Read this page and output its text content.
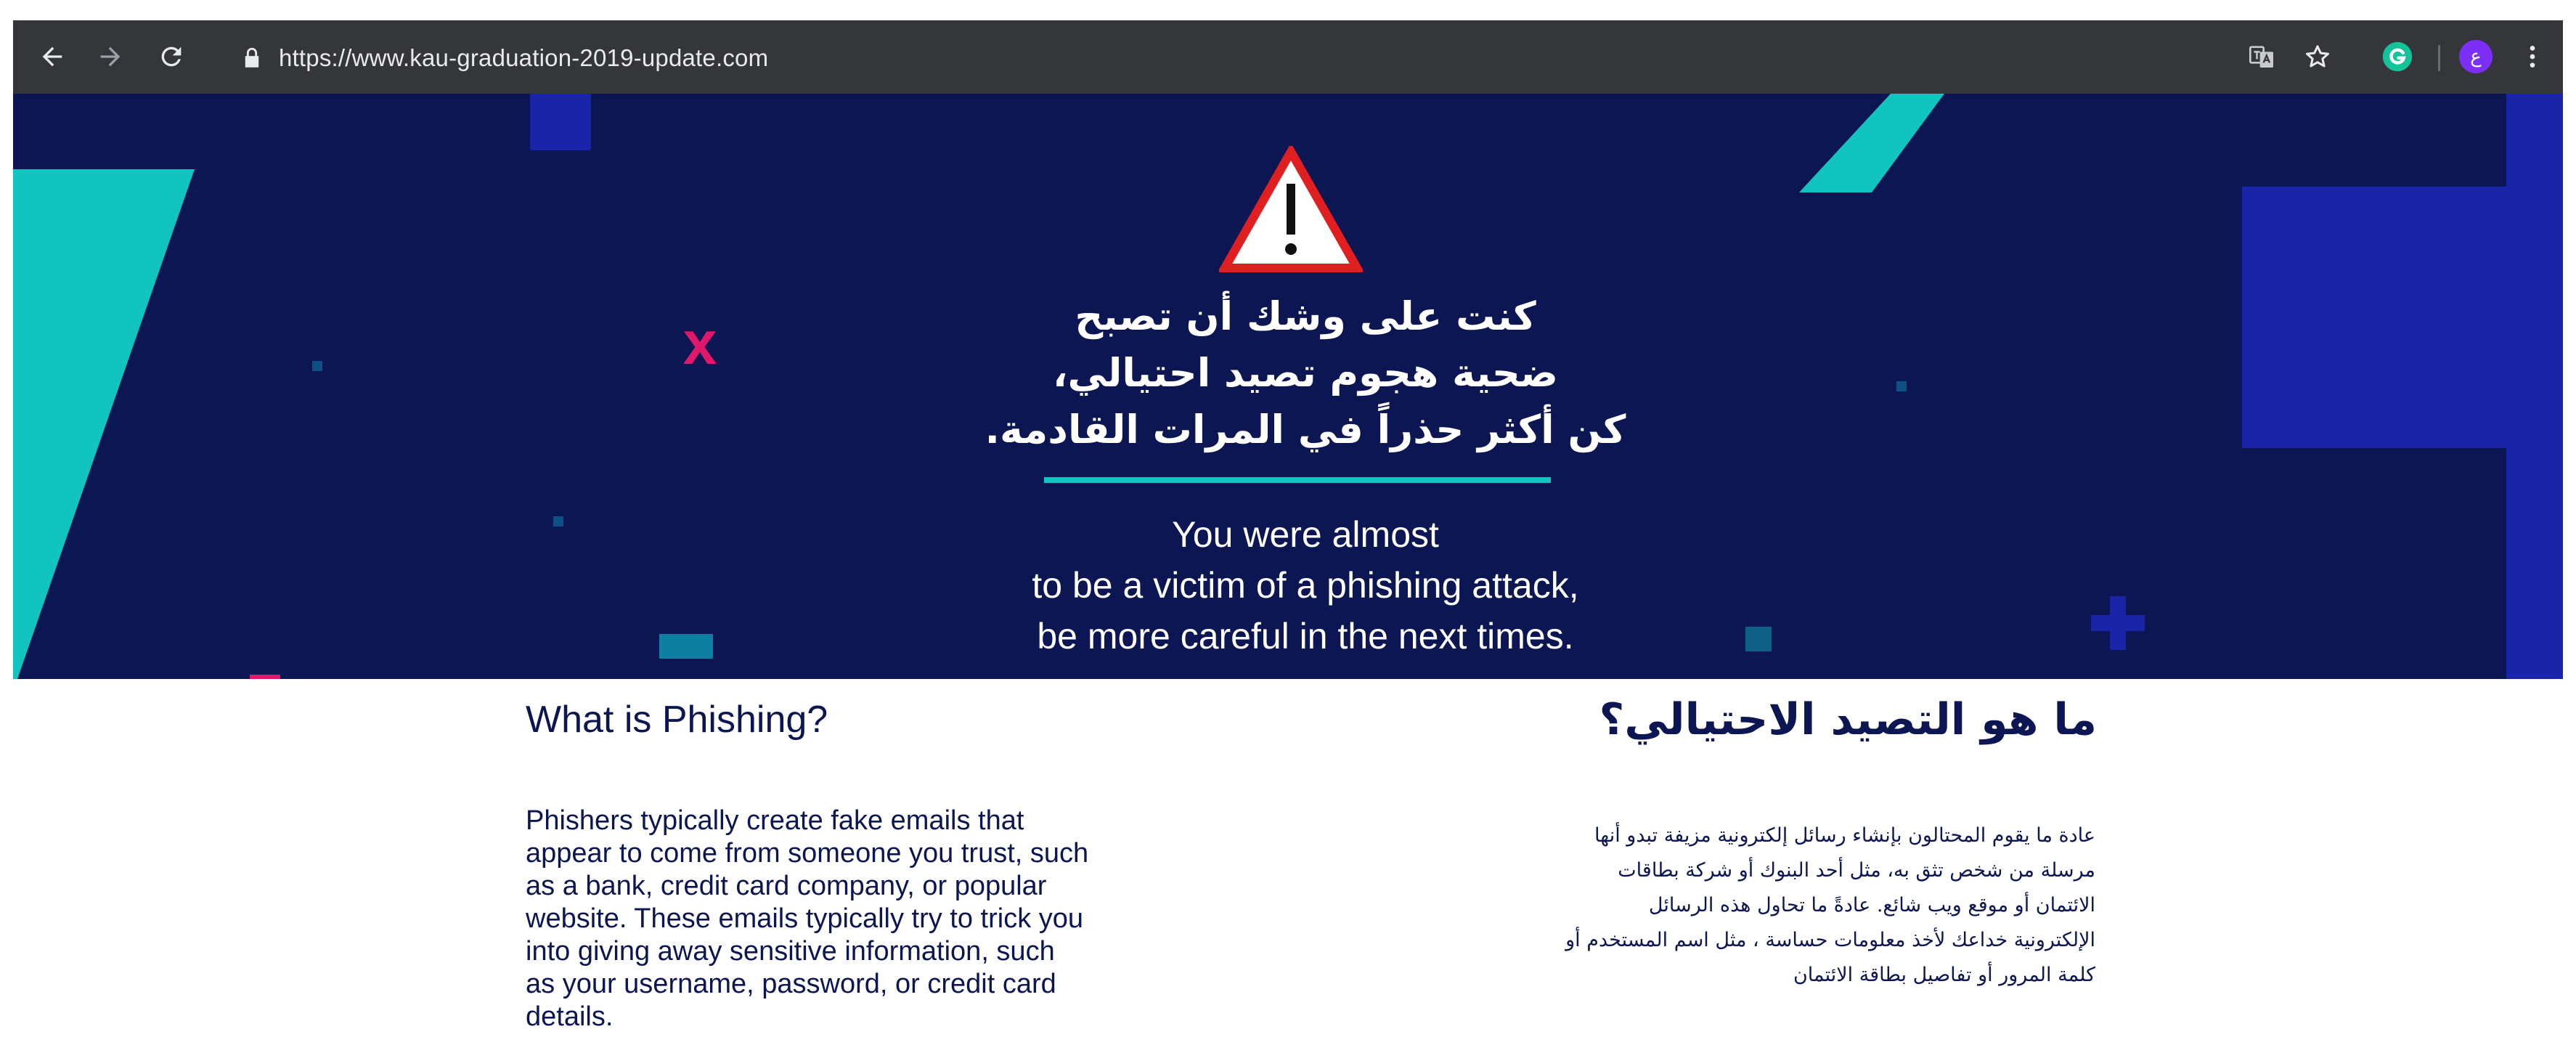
https://www.kau-graduation-2019-update.com	ع
x	كنت على وشك أن تصبح
ضحية هجوم تصيد احتيالي،
كن أكثر حذراً في المرات القادمة.
You were almost
to be a victim of a phishing attack,
be more careful in the next times.
What is Phishing?
Phishers typically create fake emails that
appear to come from someone you trust, such
as a bank, credit card company, or popular
website. These emails typically try to trick you
into giving away sensitive information, such
as your username, password, or credit card
details.
ما هو التصيد الاحتيالي؟
عادة ما يقوم المحتالون بإنشاء رسائل إلكترونية مزيفة تبدو أنها
مرسلة من شخص تثق به، مثل أحد البنوك أو شركة بطاقات
الائتمان أو موقع ويب شائع. عادةً ما تحاول هذه الرسائل
الإلكترونية خداعك لأخذ معلومات حساسة ، مثل اسم المستخدم أو
كلمة المرور أو تفاصيل بطاقة الائتمان
